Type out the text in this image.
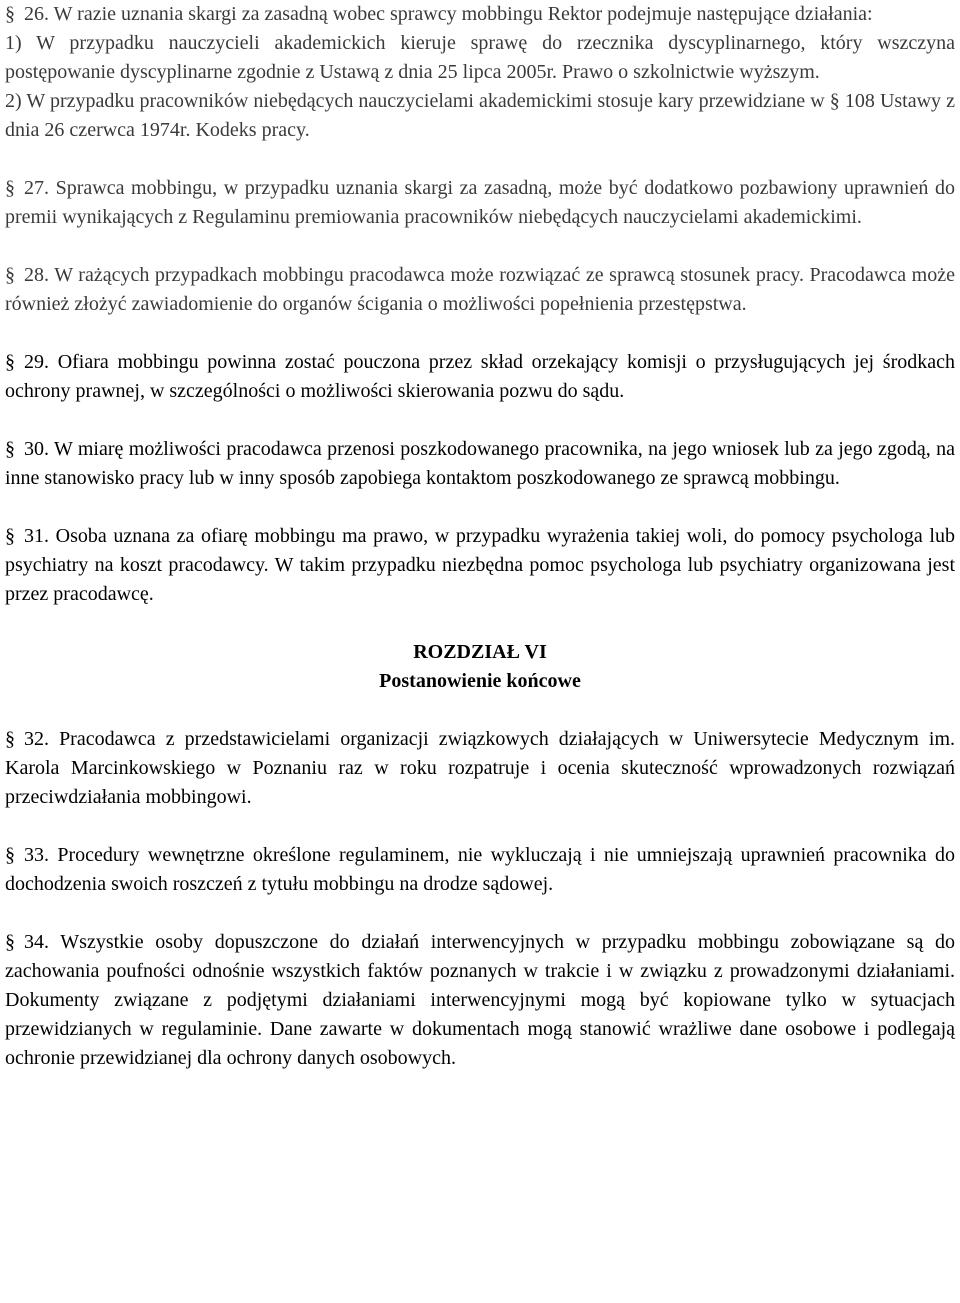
§ 26. W razie uznania skargi za zasadną wobec sprawcy mobbingu Rektor podejmuje następujące działania:

1) W przypadku nauczycieli akademickich kieruje sprawę do rzecznika dyscyplinarnego, który wszczyna postępowanie dyscyplinarne zgodnie z Ustawą z dnia 25 lipca 2005r. Prawo o szkolnictwie wyższym.

2) W przypadku pracowników niebędących nauczycielami akademickimi stosuje kary przewidziane w § 108 Ustawy z dnia 26 czerwca 1974r. Kodeks pracy.

§ 27. Sprawca mobbingu, w przypadku uznania skargi za zasadną, może być dodatkowo pozbawiony uprawnień do premii wynikających z Regulaminu premiowania pracowników niebędących nauczycielami akademickimi.

§ 28. W rażących przypadkach mobbingu pracodawca może rozwiązać ze sprawcą stosunek pracy. Pracodawca może również złożyć zawiadomienie do organów ścigania o możliwości popełnienia przestępstwa.

§ 29. Ofiara mobbingu powinna zostać pouczona przez skład orzekający komisji o przysługujących jej środkach ochrony prawnej, w szczególności o możliwości skierowania pozwu do sądu.

§ 30. W miarę możliwości pracodawca przenosi poszkodowanego pracownika, na jego wniosek lub za jego zgodą, na inne stanowisko pracy lub w inny sposób zapobiega kontaktom poszkodowanego ze sprawcą mobbingu.

§ 31. Osoba uznana za ofiarę mobbingu ma prawo, w przypadku wyrażenia takiej woli, do pomocy psychologa lub psychiatry na koszt pracodawcy. W takim przypadku niezbędna pomoc psychologa lub psychiatry organizowana jest przez pracodawcę.

ROZDZIAŁ VI

Postanowienie końcowe

§ 32. Pracodawca z przedstawicielami organizacji związkowych działających w Uniwersytecie Medycznym im. Karola Marcinkowskiego w Poznaniu raz w roku rozpatruje i ocenia skuteczność wprowadzonych rozwiązań przeciwdziałania mobbingowi.

§ 33. Procedury wewnętrzne określone regulaminem, nie wykluczają i nie umniejszają uprawnień pracownika do dochodzenia swoich roszczeń z tytułu mobbingu na drodze sądowej.

§ 34. Wszystkie osoby dopuszczone do działań interwencyjnych w przypadku mobbingu zobowiązane są do zachowania poufności odnośnie wszystkich faktów poznanych w trakcie i w związku z prowadzonymi działaniami. Dokumenty związane z podjętymi działaniami interwencyjnymi mogą być kopiowane tylko w sytuacjach przewidzianych w regulaminie. Dane zawarte w dokumentach mogą stanowić wrażliwe dane osobowe i podlegają ochronie przewidzianej dla ochrony danych osobowych.
